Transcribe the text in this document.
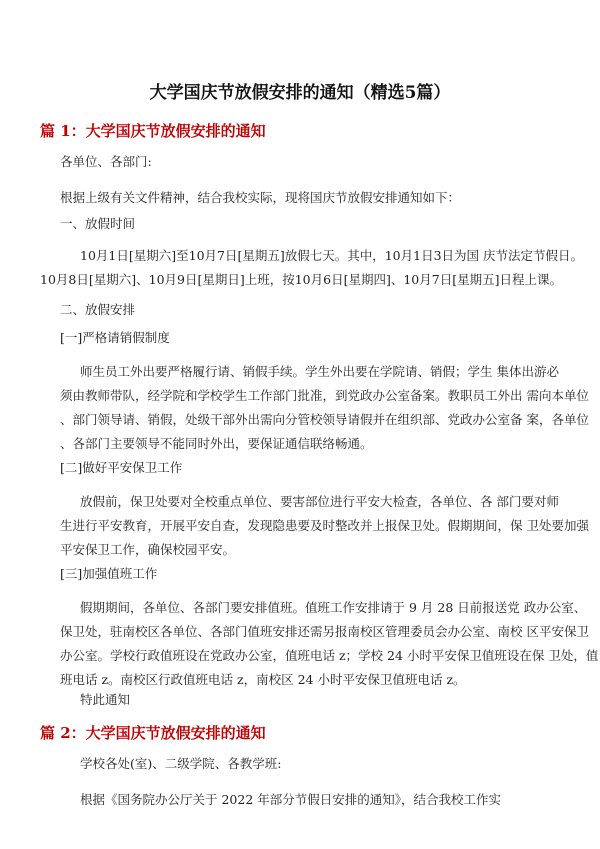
大学国庆节放假安排的通知（精选5篇）
篇 1：大学国庆节放假安排的通知
各单位、各部门:
根据上级有关文件精神，结合我校实际，现将国庆节放假安排通知如下：
一、放假时间
10月1日[星期六]至10月7日[星期五]放假七天。其中，10月1日3日为国 庆节法定节假日。
10月8日[星期六]、10月9日[星期日]上班，按10月6日[星期四]、10月7日[星期五]日程上课。
二、放假安排
[一]严格请销假制度
师生员工外出要严格履行请、销假手续。学生外出要在学院请、销假；学生 集体出游必
须由教师带队，经学院和学校学生工作部门批准，到党政办公室备案。教职员工外出 需向本单位
、部门领导请、销假，处级干部外出需向分管校领导请假并在组织部、党政办公室备 案，各单位
、各部门主要领导不能同时外出，要保证通信联络畅通。
[二]做好平安保卫工作
放假前，保卫处要对全校重点单位、要害部位进行平安大检查，各单位、各 部门要对师
生进行平安教育，开展平安自查，发现隐患要及时整改并上报保卫处。假期期间，保 卫处要加强
平安保卫工作，确保校园平安。
[三]加强值班工作
假期期间，各单位、各部门要安排值班。值班工作安排请于 9 月 28 日前报送党 政办公室、
保卫处，驻南校区各单位、各部门值班安排还需另报南校区管理委员会办公室、南校 区平安保卫
办公室。学校行政值班设在党政办公室，值班电话 z；学校 24 小时平安保卫值班设在保 卫处，值
班电话 z。南校区行政值班电话 z，南校区 24 小时平安保卫值班电话 z。
特此通知
篇 2：大学国庆节放假安排的通知
学校各处(室)、二级学院、各教学班:
根据《国务院办公厅关于 2022 年部分节假日安排的通知》，结合我校工作实
